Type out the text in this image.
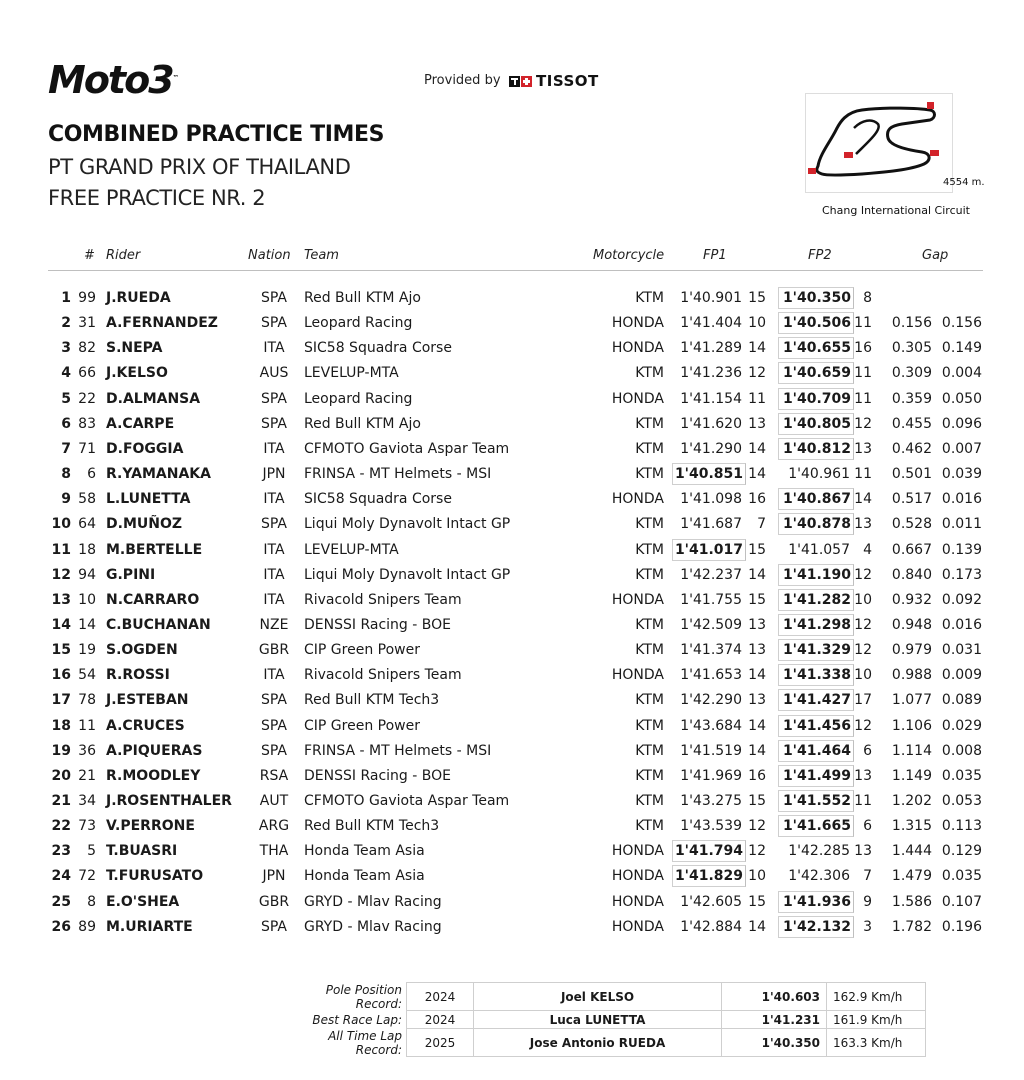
Moto3™	Provided by TISSOT
COMBINED PRACTICE TIMES
PT GRAND PRIX OF THAILAND
FREE PRACTICE NR. 2
4554 m.
Chang International Circuit
# Rider	Nation Team	Motorcycle	FP1	FP2	Gap
1 99 J.RUEDA	SPA	Red Bull KTM Ajo	KTM	1'40.901 15	1'40.350 8
2 31 A.FERNANDEZ	SPA	Leopard Racing	HONDA	1'41.404 10	1'40.506 11	0.156 0.156
3 82 S.NEPA	ITA	SIC58 Squadra Corse	HONDA	1'41.289 14	1'40.655 16	0.305 0.149
4 66 J.KELSO	AUS LEVELUP-MTA	KTM	1'41.236 12	1'40.659 11	0.309 0.004
5 22 D.ALMANSA	SPA	Leopard Racing	HONDA	1'41.154 11	1'40.709 11	0.359 0.050
6 83 A.CARPE	SPA	Red Bull KTM Ajo	KTM	1'41.620 13	1'40.805 12	0.455 0.096
7 71 D.FOGGIA	ITA	CFMOTO Gaviota Aspar Team	KTM	1'41.290 14	1'40.812 13	0.462 0.007
8	6 R.YAMANAKA	JPN	FRINSA - MT Helmets - MSI	KTM 1'40.851 14	1'40.961 11	0.501 0.039
9 58 L.LUNETTA	ITA	SIC58 Squadra Corse	HONDA	1'41.098 16	1'40.867 14	0.517 0.016
10 64 D.MUÑOZ	SPA	Liqui Moly Dynavolt Intact GP	KTM	1'41.687	7	1'40.878 13	0.528 0.011
11 18 M.BERTELLE	ITA	LEVELUP-MTA	KTM 1'41.017 15	1'41.057 4	0.667 0.139
12 94 G.PINI	ITA	Liqui Moly Dynavolt Intact GP	KTM	1'42.237 14	1'41.190 12	0.840 0.173
13 10 N.CARRARO	ITA	Rivacold Snipers Team	HONDA	1'41.755 15	1'41.282 10	0.932 0.092
14 14 C.BUCHANAN	NZE DENSSI Racing - BOE	KTM	1'42.509 13	1'41.298 12	0.948 0.016
15 19 S.OGDEN	GBR CIP Green Power	KTM	1'41.374 13	1'41.329 12	0.979 0.031
16 54 R.ROSSI	ITA	Rivacold Snipers Team	HONDA	1'41.653 14	1'41.338 10	0.988 0.009
17 78 J.ESTEBAN	SPA	Red Bull KTM Tech3	KTM	1'42.290 13	1'41.427 17	1.077 0.089
18 11 A.CRUCES	SPA	CIP Green Power	KTM	1'43.684 14	1'41.456 12	1.106 0.029
19 36 A.PIQUERAS	SPA	FRINSA - MT Helmets - MSI	KTM	1'41.519 14	1'41.464 6	1.114 0.008
20 21 R.MOODLEY	RSA DENSSI Racing - BOE	KTM	1'41.969 16	1'41.499 13	1.149 0.035
21 34 J.ROSENTHALER AUT CFMOTO Gaviota Aspar Team	KTM	1'43.275 15	1'41.552 11	1.202 0.053
22 73 V.PERRONE	ARG Red Bull KTM Tech3	KTM	1'43.539 12	1'41.665 6	1.315 0.113
23	5 T.BUASRI	THA Honda Team Asia	HONDA 1'41.794 12	1'42.285 13	1.444 0.129
24 72 T.FURUSATO	JPN	Honda Team Asia	HONDA 1'41.829 10	1'42.306 7	1.479 0.035
25	8 E.O'SHEA	GBR GRYD - Mlav Racing	HONDA	1'42.605 15	1'41.936 9	1.586 0.107
26 89 M.URIARTE	SPA	GRYD - Mlav Racing	HONDA	1'42.884 14	1'42.132 3	1.782 0.196
Pole Position Record:	2024	Joel KELSO	1'40.603	162.9 Km/h
Best Race Lap:	2024	Luca LUNETTA	1'41.231	161.9 Km/h
All Time Lap Record:	2025	Jose Antonio RUEDA	1'40.350	163.3 Km/h
